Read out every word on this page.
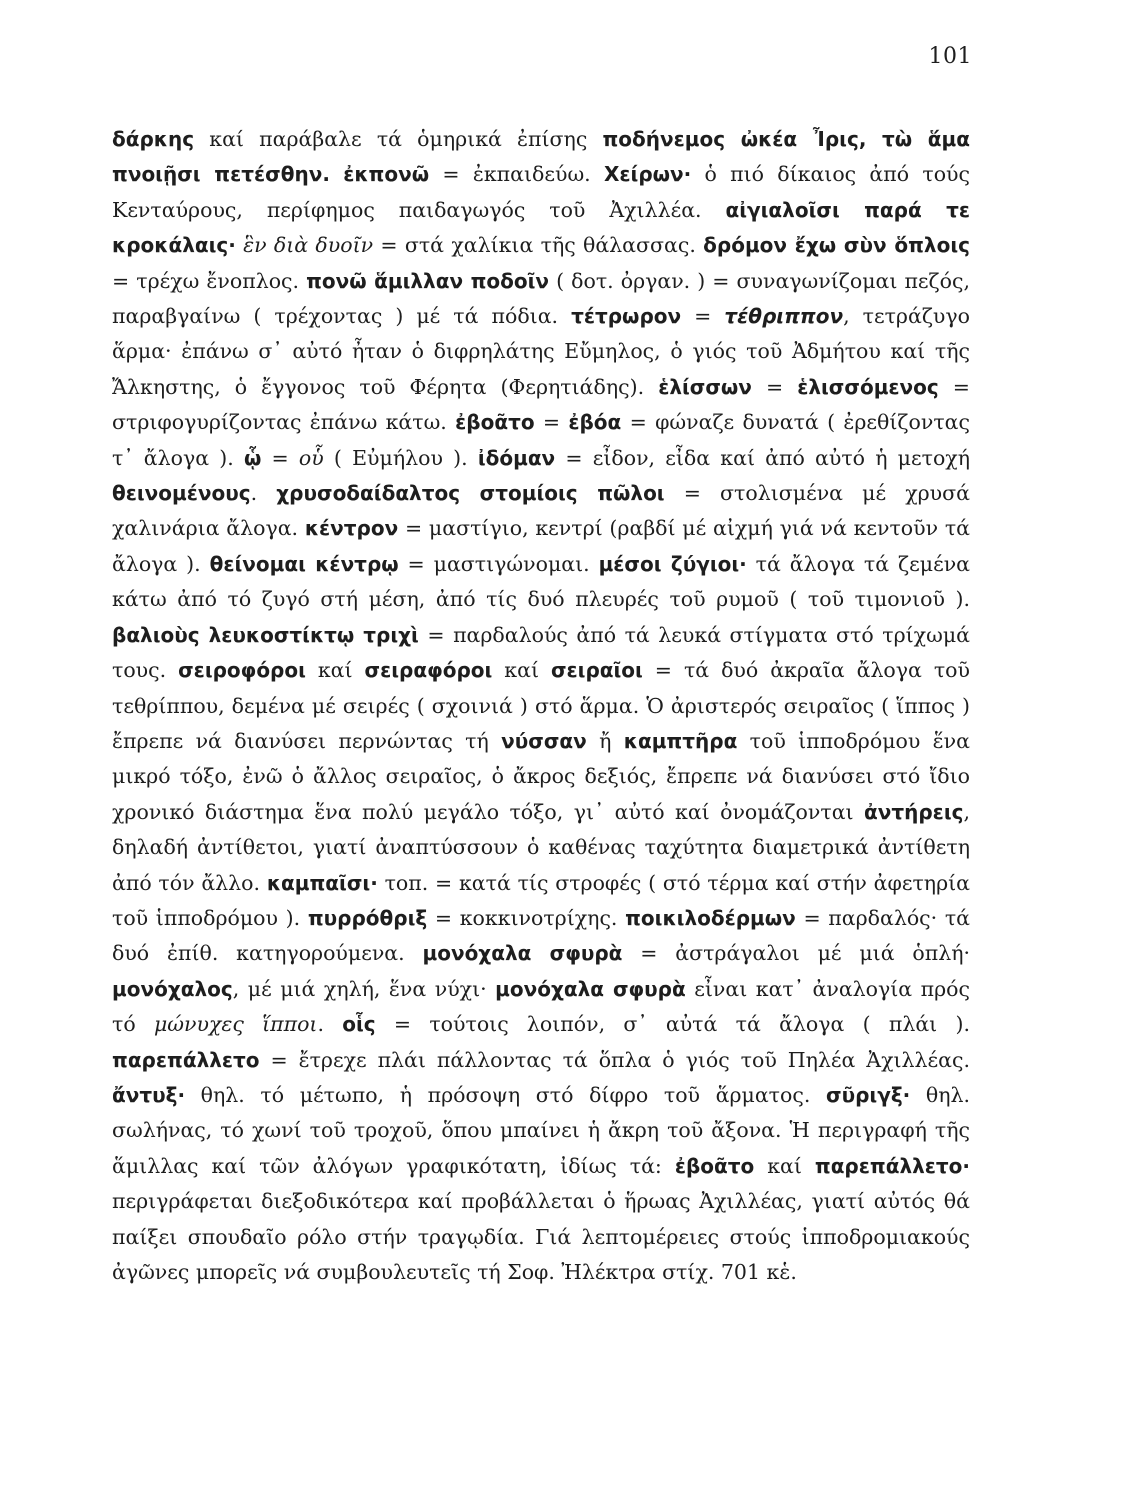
101
δάρκης καί παράβαλε τά ὁμηρικά ἐπίσης ποδήνεμος ὠκέα Ἶρις, τὼ ἅμα πνοιῇσι πετέσθην. ἐκπονῶ = ἐκπαιδεύω. Χείρων· ὁ πιό δίκαιος ἀπό τούς Κενταύρους, περίφημος παιδαγωγός τοῦ Ἀχιλλέα. αἰγιαλοῖσι παρά τε κροκάλαις· ἓν διὰ δυοῖν = στά χαλίκια τῆς θάλασσας. δρόμον ἔχω σὺν ὅπλοις = τρέχω ἔνοπλος. πονῶ ἅμιλλαν ποδοῖν ( δοτ. ὀργαν. ) = συναγωνίζομαι πεζός, παραβγαίνω ( τρέχοντας ) μέ τά πόδια. τέτρωρον = τέθριππον, τετράζυγο ἅρμα· ἐπάνω σ᾽ αὐτό ἦταν ὁ διφρηλάτης Εὔμηλος, ὁ γιός τοῦ Ἀδμήτου καί τῆς Ἄλκηστης, ὁ ἔγγονος τοῦ Φέρητα (Φερητιάδης). ἑλίσσων = ἑλισσόμενος = στριφογυρίζοντας ἐπάνω κάτω. ἐβοᾶτο = ἐβόα = φώναζε δυνατά ( ἐρεθίζοντας τ᾽ ἄλογα ). ᾧ = οὗ ( Εὐμήλου ). ἰδόμαν = εἶδον, εἶδα καί ἀπό αὐτό ἡ μετοχή θεινομένους. χρυσοδαίδαλτος στομίοις πῶλοι = στολισμένα μέ χρυσά χαλινάρια ἄλογα. κέντρον = μαστίγιο, κεντρί (ραβδί μέ αἰχμή γιά νά κεντοῦν τά ἄλογα ). θείνομαι κέντρῳ = μαστιγώνομαι. μέσοι ζύγιοι· τά ἄλογα τά ζεμένα κάτω ἀπό τό ζυγό στή μέση, ἀπό τίς δυό πλευρές τοῦ ρυμοῦ ( τοῦ τιμονιοῦ ). βαλιοὺς λευκοστίκτῳ τριχὶ = παρδαλούς ἀπό τά λευκά στίγματα στό τρίχωμά τους. σειροφόροι καί σειραφόροι καί σειραῖοι = τά δυό ἀκραῖα ἄλογα τοῦ τεθρίππου, δεμένα μέ σειρές ( σχοινιά ) στό ἅρμα. Ὁ ἀριστερός σειραῖος ( ἵππος ) ἔπρεπε νά διανύσει περνώντας τή νύσσαν ἤ καμπτῆρα τοῦ ἱπποδρόμου ἕνα μικρό τόξο, ἐνῶ ὁ ἄλλος σειραῖος, ὁ ἄκρος δεξιός, ἔπρεπε νά διανύσει στό ἴδιο χρονικό διάστημα ἕνα πολύ μεγάλο τόξο, γι᾽ αὐτό καί ὀνομάζονται ἀντήρεις, δηλαδή ἀντίθετοι, γιατί ἀναπτύσσουν ὁ καθένας ταχύτητα διαμετρικά ἀντίθετη ἀπό τόν ἄλλο. καμπαῖσι· τοπ. = κατά τίς στροφές ( στό τέρμα καί στήν ἀφετηρία τοῦ ἱπποδρόμου ). πυρρόθριξ = κοκκινοτρίχης. ποικιλοδέρμων = παρδαλός· τά δυό ἐπίθ. κατηγορούμενα. μονόχαλα σφυρὰ = ἀστράγαλοι μέ μιά ὁπλή· μονόχαλος, μέ μιά χηλή, ἕνα νύχι· μονόχαλα σφυρὰ εἶναι κατ᾽ ἀναλογία πρός τό μώνυχες ἵπποι. οἷς = τούτοις λοιπόν, σ᾽ αὐτά τά ἄλογα ( πλάι ). παρεπάλλετο = ἔτρεχε πλάι πάλλοντας τά ὅπλα ὁ γιός τοῦ Πηλέα Ἀχιλλέας. ἄντυξ· θηλ. τό μέτωπο, ἡ πρόσοψη στό δίφρο τοῦ ἅρματος. σῦριγξ· θηλ. σωλήνας, τό χωνί τοῦ τροχοῦ, ὅπου μπαίνει ἡ ἄκρη τοῦ ἄξονα. Ἡ περιγραφή τῆς ἅμιλλας καί τῶν ἀλόγων γραφικότατη, ἰδίως τά: ἐβοᾶτο καί παρεπάλλετο· περιγράφεται διεξοδικότερα καί προβάλλεται ὁ ἥρωας Ἀχιλλέας, γιατί αὐτός θά παίξει σπουδαῖο ρόλο στήν τραγῳδία. Γιά λεπτομέρειες στούς ἱπποδρομιακούς ἀγῶνες μπορεῖς νά συμβουλευτεῖς τή Σοφ. Ἠλέκτρα στίχ. 701 κἑ.
